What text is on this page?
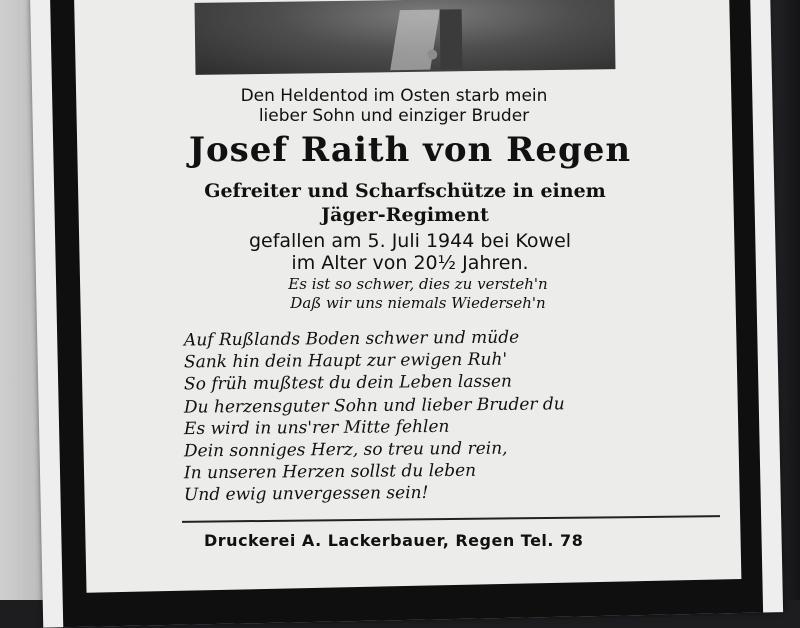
Den Heldentod im Osten starb mein
lieber Sohn und einziger Bruder
Josef Raith von Regen
Gefreiter und Scharfschütze in einem
Jäger-Regiment
gefallen am 5. Juli 1944 bei Kowel
im Alter von 20½ Jahren.
Es ist so schwer, dies zu versteh'n
Daß wir uns niemals Wiederseh'n
Auf Rußlands Boden schwer und müde
Sank hin dein Haupt zur ewigen Ruh'
So früh mußtest du dein Leben lassen
Du herzensguter Sohn und lieber Bruder du
Es wird in uns'rer Mitte fehlen
Dein sonniges Herz, so treu und rein,
In unseren Herzen sollst du leben
Und ewig unvergessen sein!
Druckerei A. Lackerbauer, Regen Tel. 78
